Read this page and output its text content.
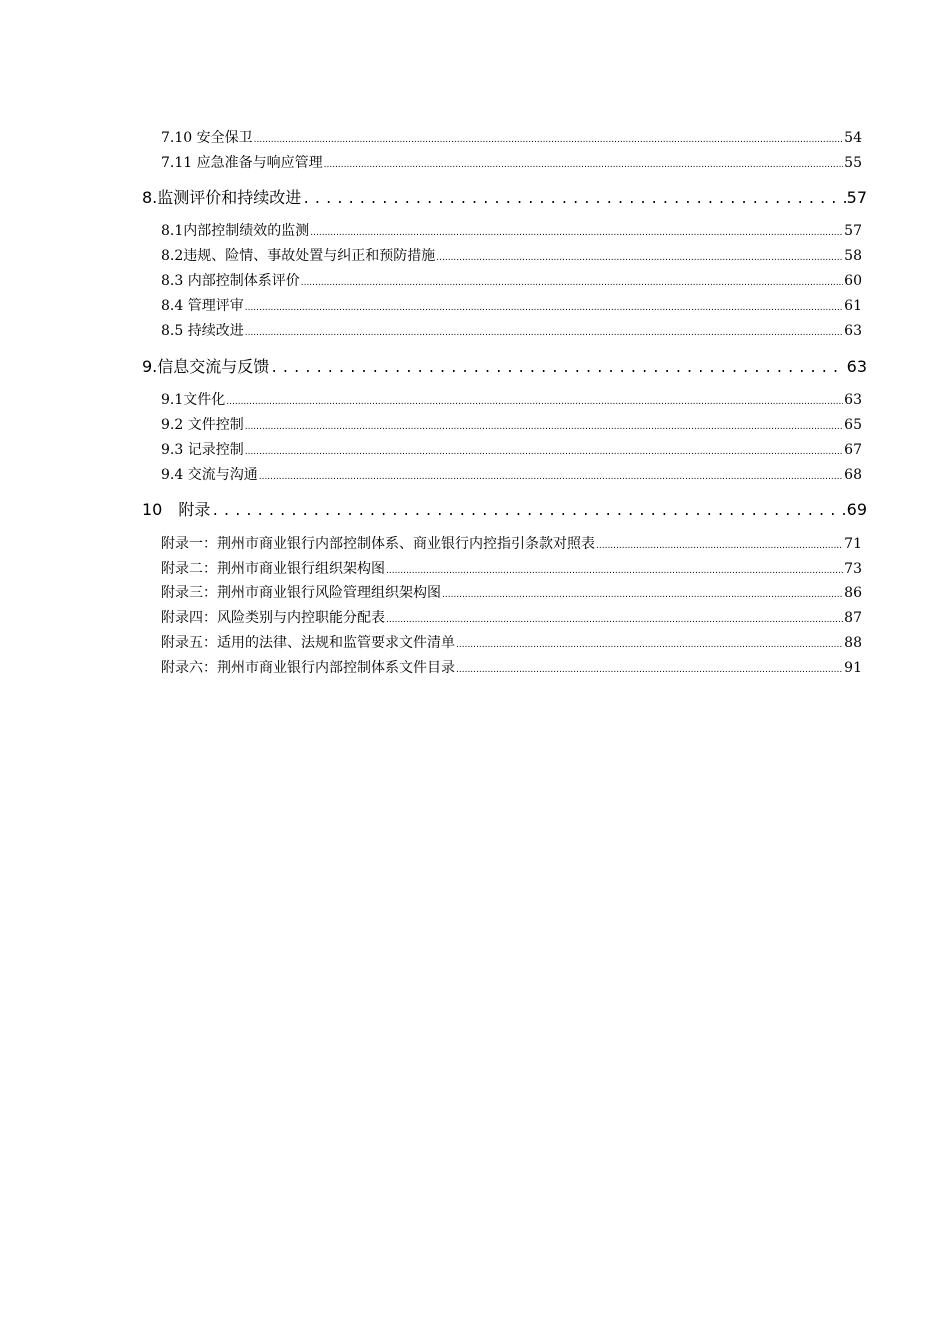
7.10 安全保卫 .....	54
7.11 应急准备与响应管理 .....	55
8.监测评价和持续改进 .....	57
8.1内部控制绩效的监测 .....	57
8.2违规、险情、事故处置与纠正和预防措施 .....	58
8.3 内部控制体系评价 .....	60
8.4 管理评审 .....	61
8.5 持续改进 .....	63
9.信息交流与反馈 .....	63
9.1文件化 .....	63
9.2 文件控制 .....	65
9.3 记录控制 .....	67
9.4 交流与沟通 .....	68
10　附录 .....	69
附录一：荆州市商业银行内部控制体系、商业银行内控指引条款对照表 .....	71
附录二：荆州市商业银行组织架构图 .....	73
附录三：荆州市商业银行风险管理组织架构图 .....	86
附录四：风险类别与内控职能分配表 .....	87
附录五：适用的法律、法规和监管要求文件清单 .....	88
附录六：荆州市商业银行内部控制体系文件目录 .....	91
